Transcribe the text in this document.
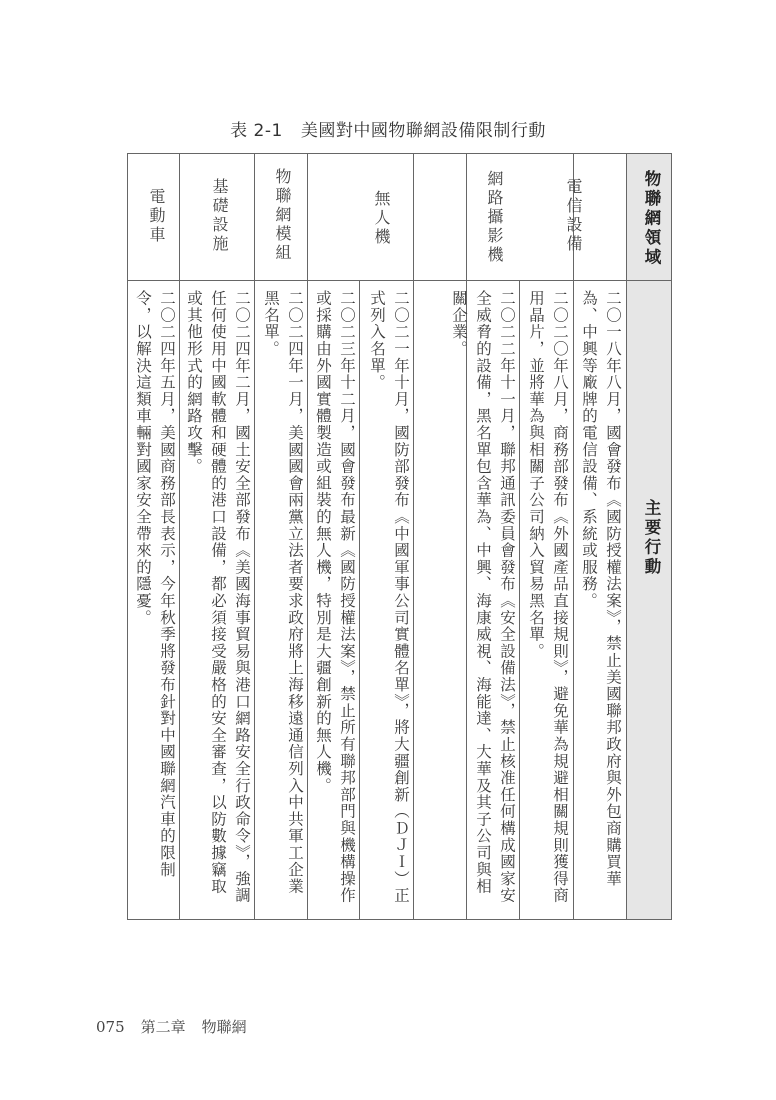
表 2-1 美國對中國物聯網設備限制行動
物聯網領域
主要行動
電信設備
二〇一八年八月，國會發布《國防授權法案》，禁止美國聯邦政府與外包商購買華為、中興等廠牌的電信設備、系統或服務。
二〇二〇年八月，商務部發布《外國產品直接規則》，避免華為規避相關規則獲得商用晶片，並將華為與相關子公司納入貿易黑名單。
網路攝影機
二〇二二年十一月，聯邦通訊委員會發布《安全設備法》，禁止核准任何構成國家安全威脅的設備，黑名單包含華為、中興、海康威視、海能達、大華及其子公司與相關企業。
無人機
二〇二一年十月，國防部發布《中國軍事公司實體名單》，將大疆創新（ＤＪＩ）正式列入名單。
二〇二三年十二月，國會發布最新《國防授權法案》，禁止所有聯邦部門與機構操作或採購由外國實體製造或組裝的無人機，特別是大疆創新的無人機。
物聯網模組
二〇二四年一月，美國國會兩黨立法者要求政府將上海移遠通信列入中共軍工企業黑名單。
基礎設施
二〇二四年二月，國土安全部發布《美國海事貿易與港口網路安全行政命令》，強調任何使用中國軟體和硬體的港口設備，都必須接受嚴格的安全審查，以防數據竊取或其他形式的網路攻擊。
電動車
二〇二四年五月，美國商務部長表示，今年秋季將發布針對中國聯網汽車的限制令，以解決這類車輛對國家安全帶來的隱憂。
075 第二章 物聯網
